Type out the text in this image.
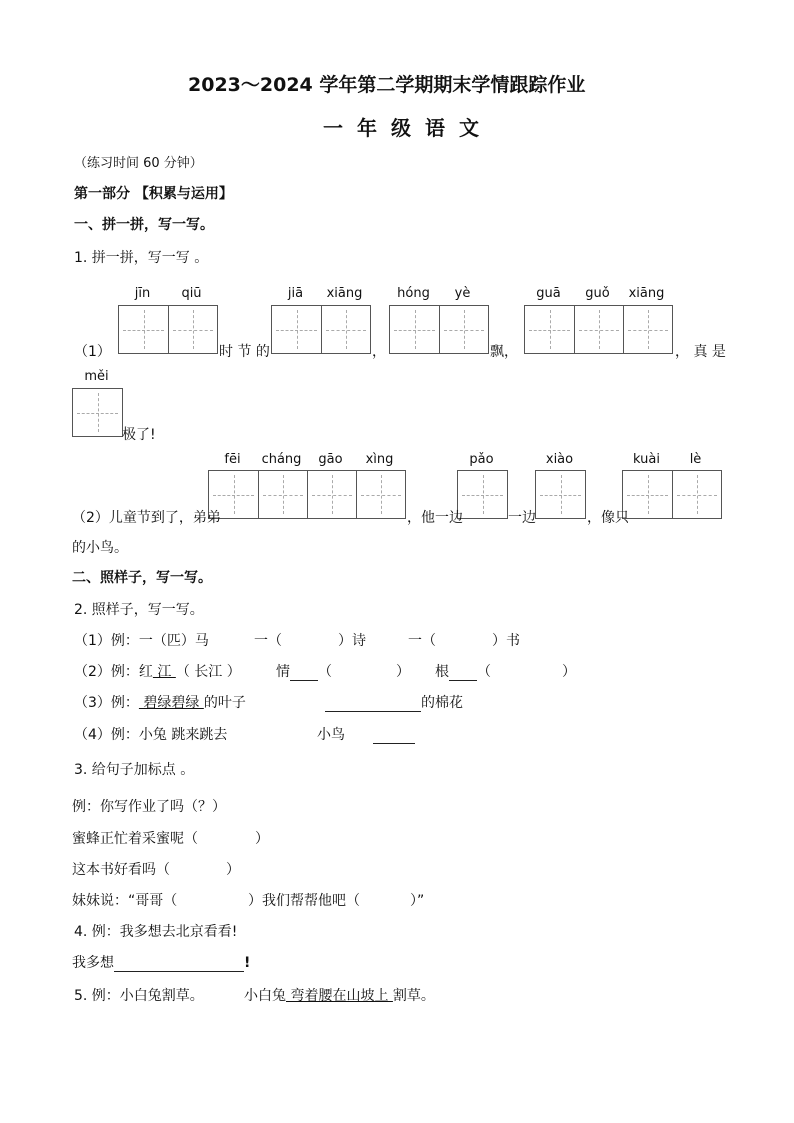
2023～2024 学年第二学期期末学情跟踪作业
一年级语文
（练习时间 60 分钟）
第一部分 【积累与运用】
一、拼一拼，写一写。
1. 拼一拼，写一写 。
jīn	qiū	jiā	xiāng	hóng	yè	guā	guǒ	xiāng
（1）	时 节 的	，	飘，	， 真 是
měi
极了!
fēi	cháng	gāo	xìng	pǎo	xiào	kuài	lè
（2）儿童节到了，弟弟	，他一边	一边	，像只
的小鸟。
二、照样子，写一写。
2. 照样子，写一写。
（1）例：一（匹）马	一（	）诗	一（	）书
（2）例：红 江 （ 长江 ）	情 （	） 根 （	）
（3）例： 碧绿碧绿 的叶子	的棉花
（4）例：小兔 跳来跳去	小鸟
3. 给句子加标点 。
例：你写作业了吗（？）
蜜蜂正忙着采蜜呢（	）
这本书好看吗（	）
妹妹说：“哥哥（	）我们帮帮他吧（	）”
4. 例：我多想去北京看看!
我多想	!
5. 例：小白兔割草。	小白兔 弯着腰在山坡上 割草。
